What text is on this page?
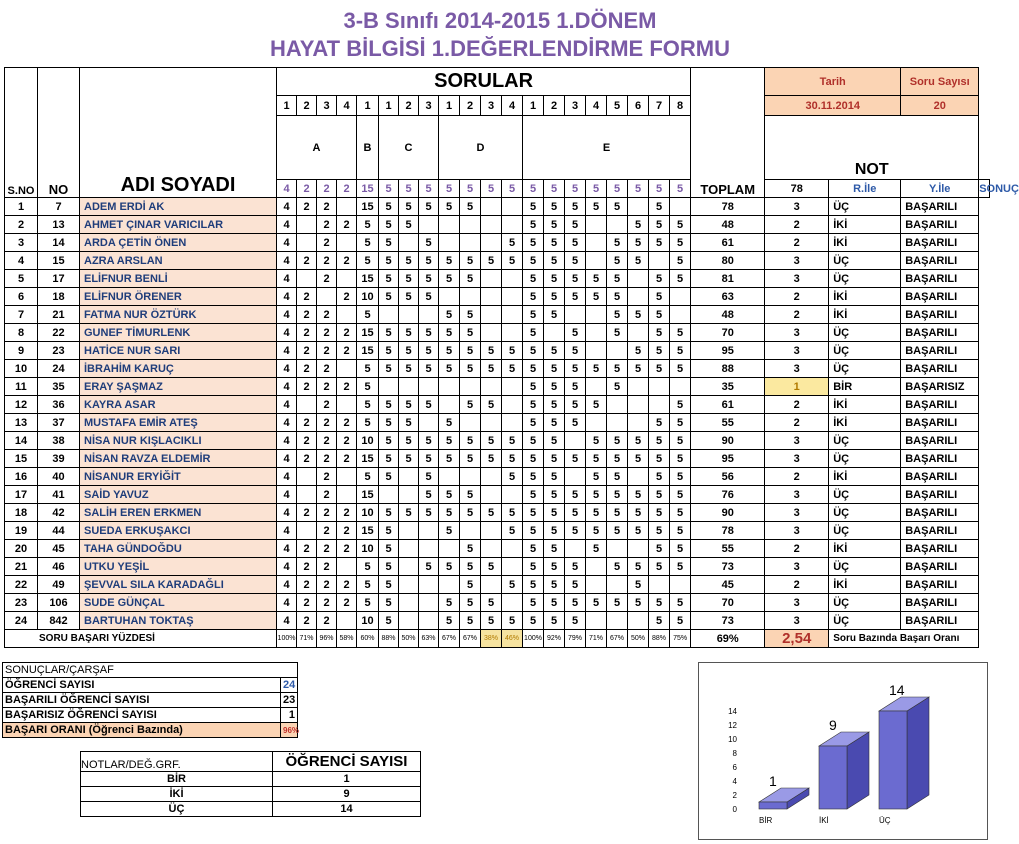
3-B Sınıfı 2014-2015 1.DÖNEM
HAYAT BİLGİSİ 1.DEĞERLENDİRME FORMU
S.NO	NO	ADI SOYADI	SORULAR																				TOPLAM	Tarih		Soru Sayısı	
			1	2	3	4	1	1	2	3	1	2	3	4	1	2	3	4	5	6	7	8		30.11.2014		20	
			A				B	C			D				E									NOT			
			4	2	2	2	15	5	5	5	5	5	5	5	5	5	5	5	5	5	5	5		78	R.İle	Y.İle	SONUÇ
1	7	ADEM ERDİ AK	4	2	2		15	5	5	5	5	5			5	5	5	5	5		5		78	3	ÜÇ	BAŞARILI	
2	13	AHMET ÇINAR VARICILAR	4		2	2	5	5	5						5	5	5			5	5	5	48	2	İKİ	BAŞARILI	
3	14	ARDA ÇETİN ÖNEN	4		2		5	5		5				5	5	5	5		5	5	5	5	61	2	İKİ	BAŞARILI	
4	15	AZRA ARSLAN	4	2	2	2	5	5	5	5	5	5	5	5	5	5	5		5	5		5	80	3	ÜÇ	BAŞARILI	
5	17	ELİFNUR BENLİ	4		2		15	5	5	5	5	5			5	5	5	5	5		5	5	81	3	ÜÇ	BAŞARILI	
6	18	ELİFNUR ÖRENER	4	2		2	10	5	5	5					5	5	5	5	5		5		63	2	İKİ	BAŞARILI	
7	21	FATMA NUR ÖZTÜRK	4	2	2		5				5	5			5	5			5	5	5		48	2	İKİ	BAŞARILI	
8	22	GUNEF TİMURLENK	4	2	2	2	15	5	5	5	5	5			5		5		5		5	5	70	3	ÜÇ	BAŞARILI	
9	23	HATİCE NUR SARI	4	2	2	2	15	5	5	5	5	5	5	5	5	5	5			5	5	5	95	3	ÜÇ	BAŞARILI	
10	24	İBRAHİM KARUÇ	4	2	2		5	5	5	5	5	5	5	5	5	5	5	5	5	5	5	5	88	3	ÜÇ	BAŞARILI	
11	35	ERAY ŞAŞMAZ	4	2	2	2	5								5	5	5		5				35	1	BİR	BAŞARISIZ	
12	36	KAYRA ASAR	4		2		5	5	5	5		5	5		5	5	5	5				5	61	2	İKİ	BAŞARILI	
13	37	MUSTAFA EMİR ATEŞ	4	2	2	2	5	5	5		5				5	5	5				5	5	55	2	İKİ	BAŞARILI	
14	38	NİSA NUR KIŞLACIKLI	4	2	2	2	10	5	5	5	5	5	5	5	5	5		5	5	5	5	5	90	3	ÜÇ	BAŞARILI	
15	39	NİSAN RAVZA ELDEMİR	4	2	2	2	15	5	5	5	5	5	5	5	5	5	5	5	5	5	5	5	95	3	ÜÇ	BAŞARILI	
16	40	NİSANUR ERYİĞİT	4		2		5	5		5				5	5	5		5	5		5	5	56	2	İKİ	BAŞARILI	
17	41	SAİD YAVUZ	4		2		15			5	5	5			5	5	5	5	5	5	5	5	76	3	ÜÇ	BAŞARILI	
18	42	SALİH EREN ERKMEN	4	2	2	2	10	5	5	5	5	5	5	5	5	5	5	5	5	5	5	5	90	3	ÜÇ	BAŞARILI	
19	44	SUEDA ERKUŞAKCI	4		2	2	15	5			5			5	5	5	5	5	5	5	5	5	78	3	ÜÇ	BAŞARILI	
20	45	TAHA GÜNDOĞDU	4	2	2	2	10	5				5			5	5		5			5	5	55	2	İKİ	BAŞARILI	
21	46	UTKU YEŞİL	4	2	2		5	5		5	5	5	5		5	5	5		5	5	5	5	73	3	ÜÇ	BAŞARILI	
22	49	ŞEVVAL SILA KARADAĞLI	4	2	2	2	5	5				5		5	5	5	5			5			45	2	İKİ	BAŞARILI	
23	106	SUDE GÜNÇAL	4	2	2	2	5	5			5	5	5		5	5	5	5	5	5	5	5	70	3	ÜÇ	BAŞARILI	
24	842	BARTUHAN TOKTAŞ	4	2	2		10	5			5	5	5	5	5	5	5				5	5	73	3	ÜÇ	BAŞARILI	
SORU BAŞARI YÜZDESİ			100%	71%	96%	58%	60%	88%	50%	63%	67%	67%	38%	46%	100%	92%	79%	71%	67%	50%	88%	75%	69%	2,54	Soru Bazında Başarı Oranı		
SONUÇLAR/ÇARŞAF	
ÖĞRENCİ SAYISI	24
BAŞARILI ÖĞRENCİ SAYISI	23
BAŞARISIZ ÖĞRENCİ SAYISI	1
BAŞARI ORANI (Öğrenci Bazında)	96%
NOTLAR/DEĞ.GRF.	ÖĞRENCİ SAYISI
BİR	1
İKİ	9
ÜÇ	14	0
2
4
6
8
10
12
14
1
BİR
9
İKİ
14
ÜÇ
